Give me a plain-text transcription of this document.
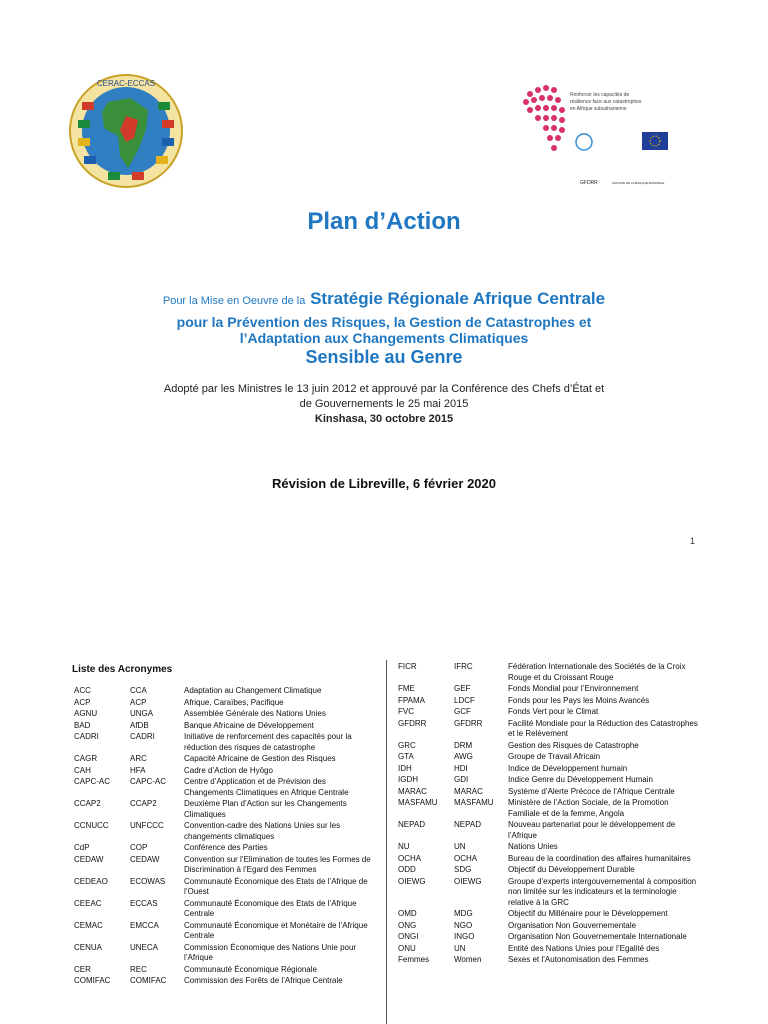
CERAC-ECCAS
Renforcer les capacités de
résilience face aux catastrophes
en Afrique subsaharienne
GFDRR	GROUPE DE LA BANQUE MONDIALE
Plan d’Action
Pour la Mise en Oeuvre de la Stratégie Régionale Afrique Centrale
pour la Prévention des Risques, la Gestion de Catastrophes et
l’Adaptation aux Changements Climatiques
Sensible au Genre
Adopté par les Ministres le 13 juin 2012 et approuvé par la Conférence des Chefs d’État et
de Gouvernements le 25 mai 2015
Kinshasa, 30 octobre 2015
Révision de Libreville, 6 février 2020
1
Liste des Acronymes
ACC	CCA	Adaptation au Changement Climatique
ACP	ACP	Afrique, Caraïbes, Pacifique
AGNU	UNGA	Assemblée Générale des Nations Unies
BAD	AfDB	Banque Africaine de Développement
CADRI	CADRI	Initiative de renforcement des capacités pour la réduction des risques de catastrophe
CAGR	ARC	Capacité Africaine de Gestion des Risques
CAH	HFA	Cadre d’Action de Hyōgo
CAPC-AC	CAPC-AC	Centre d’Application et de Prévision des Changements Climatiques en Afrique Centrale
CCAP2	CCAP2	Deuxième Plan d’Action sur les Changements Climatiques
CCNUCC	UNFCCC	Convention-cadre des Nations Unies sur les changements climatiques
CdP	COP	Conférence des Parties
CEDAW	CEDAW	Convention sur l’Elimination de toutes les Formes de Discrimination à l’Egard des Femmes
CEDEAO	ECOWAS	Communauté Économique des Etats de l’Afrique de l’Ouest
CEEAC	ECCAS	Communauté Économique des Etats de l’Afrique Centrale
CEMAC	EMCCA	Communauté Économique et Monétaire de l’Afrique Centrale
CENUA	UNECA	Commission Économique des Nations Unie pour l’Afrique
CER	REC	Communauté Économique Régionale
COMIFAC	COMIFAC	Commission des Forêts de l’Afrique Centrale
FICR	IFRC	Fédération Internationale des Sociétés de la Croix Rouge et du Croissant Rouge
FME	GEF	Fonds Mondial pour l’Environnement
FPAMA	LDCF	Fonds pour les Pays les Moins Avancés
FVC	GCF	Fonds Vert pour le Climat
GFDRR	GFDRR	Facilité Mondiale pour la Réduction des Catastrophes et le Relèvement
GRC	DRM	Gestion des Risques de Catastrophe
GTA	AWG	Groupe de Travail Africain
IDH	HDI	Indice de Développement humain
IGDH	GDI	Indice Genre du Développement Humain
MARAC	MARAC	Système d’Alerte Précoce de l’Afrique Centrale
MASFAMU	MASFAMU	Ministère de l’Action Sociale, de la Promotion Familiale et de la femme, Angola
NEPAD	NEPAD	Nouveau partenariat pour le développement de l’Afrique
NU	UN	Nations Unies
OCHA	OCHA	Bureau de la coordination des affaires humanitaires
ODD	SDG	Objectif du Développement Durable
OIEWG	OIEWG	Groupe d’experts intergouvernemental à composition non limitée sur les indicateurs et la terminologie relative à la GRC
OMD	MDG	Objectif du Millénaire pour le Développement
ONG	NGO	Organisation Non Gouvernementale
ONGI	INGO	Organisation Non Gouvernementale Internationale
ONU	UN	Entité des Nations Unies pour l’Egalité des
Femmes	Women	Sexes et l’Autonomisation des Femmes
